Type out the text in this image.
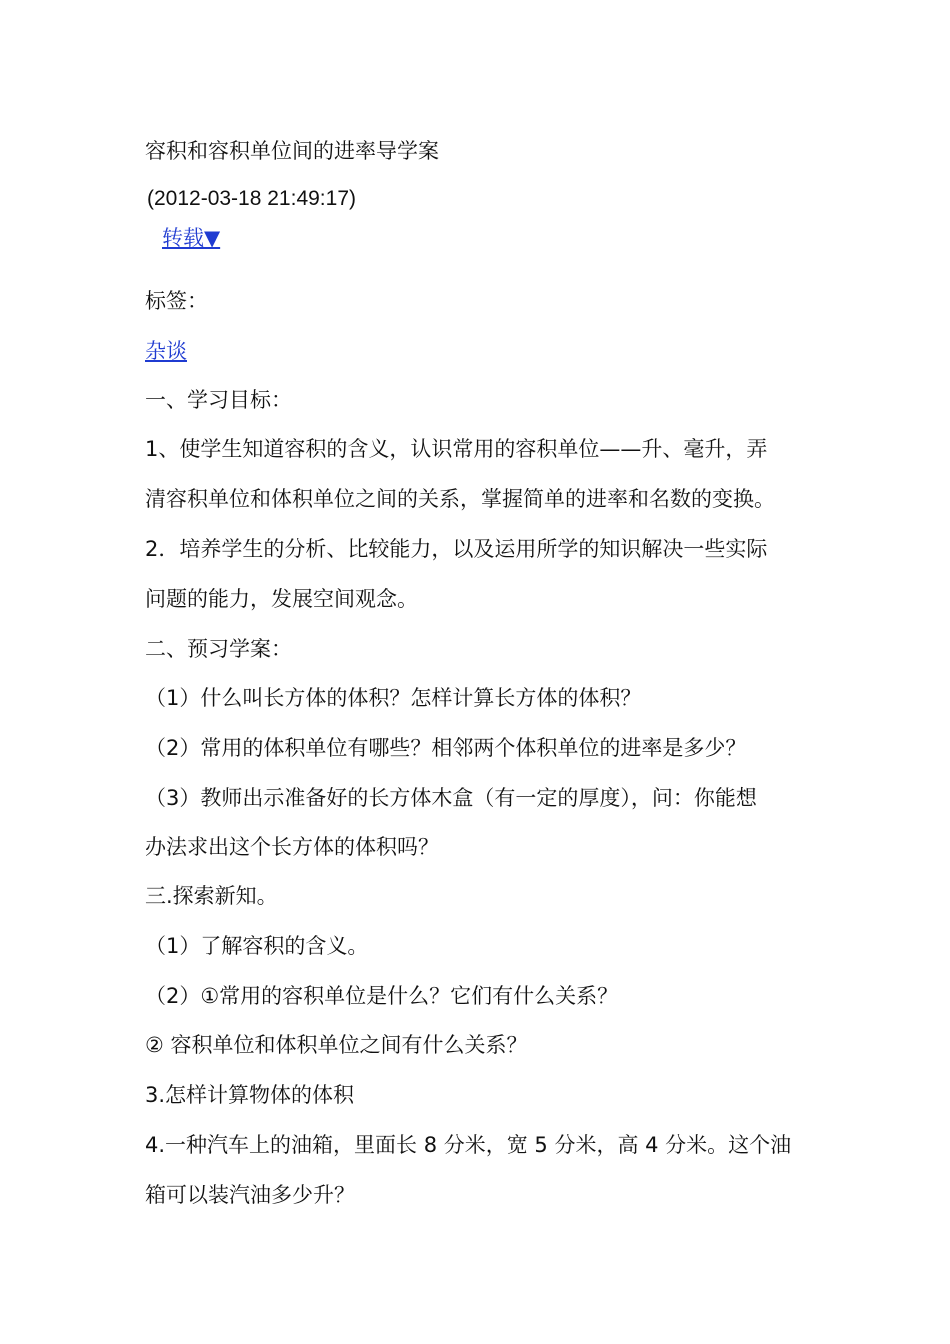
容积和容积单位间的进率导学案
(2012-03-18 21:49:17)
转载▼
标签：
杂谈
一、学习目标：
1、使学生知道容积的含义，认识常用的容积单位——升、毫升，弄
清容积单位和体积单位之间的关系，掌握简单的进率和名数的变换。
2．培养学生的分析、比较能力，以及运用所学的知识解决一些实际
问题的能力，发展空间观念。
二、预习学案：
（1）什么叫长方体的体积？怎样计算长方体的体积？
（2）常用的体积单位有哪些？相邻两个体积单位的进率是多少？
（3）教师出示准备好的长方体木盒（有一定的厚度），问：你能想
办法求出这个长方体的体积吗？
三.探索新知。
（1）了解容积的含义。
（2）①常用的容积单位是什么？它们有什么关系？
② 容积单位和体积单位之间有什么关系？
3.怎样计算物体的体积
4.一种汽车上的油箱，里面长 8 分米，宽 5 分米，高 4 分米。这个油
箱可以装汽油多少升？
